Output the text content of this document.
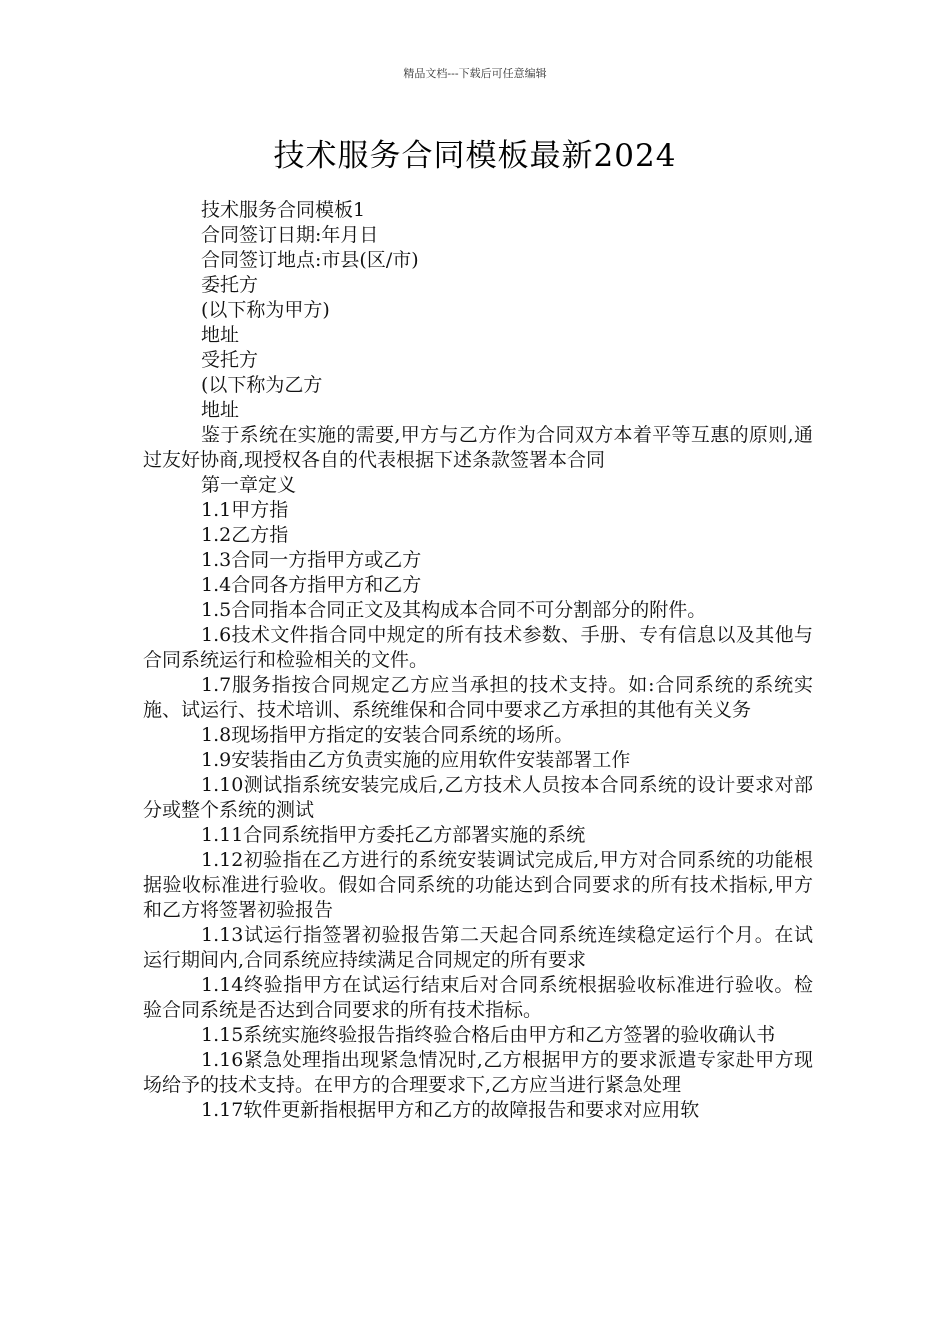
精品文档---下载后可任意编辑
技术服务合同模板最新2024

技术服务合同模板1

合同签订日期:年月日

合同签订地点:市县(区/市)

委托方

(以下称为甲方)

地址

受托方

(以下称为乙方

地址

鉴于系统在实施的需要,甲方与乙方作为合同双方本着平等互惠的原则,通过友好协商,现授权各自的代表根据下述条款签署本合同

第一章定义

1.1甲方指

1.2乙方指

1.3合同一方指甲方或乙方

1.4合同各方指甲方和乙方

1.5合同指本合同正文及其构成本合同不可分割部分的附件。

1.6技术文件指合同中规定的所有技术参数、手册、专有信息以及其他与合同系统运行和检验相关的文件。

1.7服务指按合同规定乙方应当承担的技术支持。如:合同系统的系统实施、试运行、技术培训、系统维保和合同中要求乙方承担的其他有关义务

1.8现场指甲方指定的安装合同系统的场所。

1.9安装指由乙方负责实施的应用软件安装部署工作

1.10测试指系统安装完成后,乙方技术人员按本合同系统的设计要求对部分或整个系统的测试

1.11合同系统指甲方委托乙方部署实施的系统

1.12初验指在乙方进行的系统安装调试完成后,甲方对合同系统的功能根据验收标准进行验收。假如合同系统的功能达到合同要求的所有技术指标,甲方和乙方将签署初验报告

1.13试运行指签署初验报告第二天起合同系统连续稳定运行个月。在试运行期间内,合同系统应持续满足合同规定的所有要求

1.14终验指甲方在试运行结束后对合同系统根据验收标准进行验收。检验合同系统是否达到合同要求的所有技术指标。

1.15系统实施终验报告指终验合格后由甲方和乙方签署的验收确认书

1.16紧急处理指出现紧急情况时,乙方根据甲方的要求派遣专家赴甲方现场给予的技术支持。在甲方的合理要求下,乙方应当进行紧急处理

1.17软件更新指根据甲方和乙方的故障报告和要求对应用软
